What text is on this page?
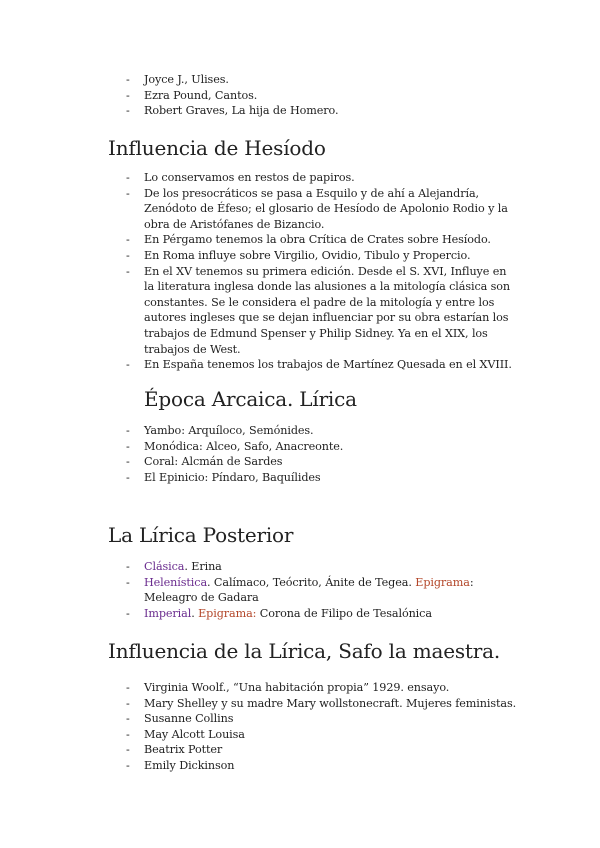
- Joyce J., Ulises.
- Ezra Pound, Cantos.
- Robert Graves, La hija de Homero.
Influencia de Hesíodo
- Lo conservamos en restos de papiros.
- De los presocráticos se pasa a Esquilo y de ahí a Alejandría, Zenódoto de Éfeso; el glosario de Hesíodo de Apolonio Rodio y la obra de Aristófanes de Bizancio.
- En Pérgamo tenemos la obra Crítica de Crates sobre Hesíodo.
- En Roma influye sobre Virgilio, Ovidio, Tibulo y Propercio.
- En el XV tenemos su primera edición. Desde el S. XVI, Influye en la literatura inglesa donde las alusiones a la mitología clásica son constantes. Se le considera el padre de la mitología y entre los autores ingleses que se dejan influenciar por su obra estarían los trabajos de Edmund Spenser y Philip Sidney. Ya en el XIX, los trabajos de West.
- En España tenemos los trabajos de Martínez Quesada en el XVIII.
Época Arcaica. Lírica
- Yambo: Arquíloco, Semónides.
- Monódica: Alceo, Safo, Anacreonte.
- Coral: Alcmán de Sardes
- El Epinicio: Píndaro, Baquílides
La Lírica Posterior
- Clásica. Erina
- Helenística. Calímaco, Teócrito, Ánite de Tegea. Epigrama: Meleagro de Gadara
- Imperial. Epigrama: Corona de Filipo de Tesalónica
Influencia de la Lírica, Safo la maestra.
- Virginia Woolf., “Una habitación propia” 1929. ensayo.
- Mary Shelley y su madre Mary wollstonecraft. Mujeres feministas.
- Susanne Collins
- May Alcott Louisa
- Beatrix Potter
- Emily Dickinson
